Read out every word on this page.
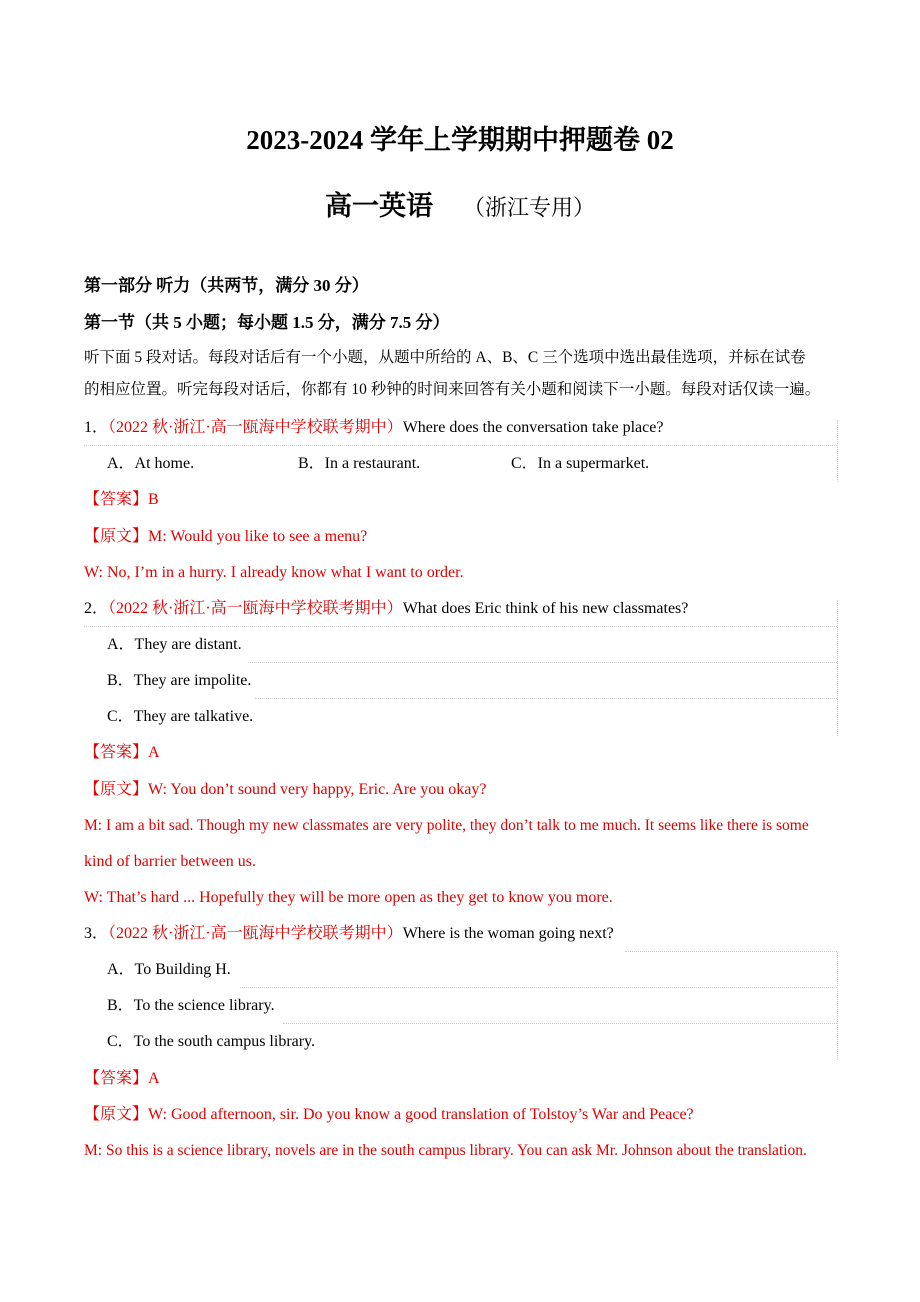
2023-2024 学年上学期期中押题卷 02
高一英语 （浙江专用）
第一部分 听力（共两节，满分 30 分）
第一节（共 5 小题；每小题 1.5 分，满分 7.5 分）
听下面 5 段对话。每段对话后有一个小题，从题中所给的 A、B、C 三个选项中选出最佳选项，并标在试卷
的相应位置。听完每段对话后，你都有 10 秒钟的时间来回答有关小题和阅读下一小题。每段对话仅读一遍。
1．（2022 秋·浙江·高一瓯海中学校联考期中）Where does the conversation take place?
A．At home.	B．In a restaurant.	C．In a supermarket.
【答案】B
【原文】M: Would you like to see a menu?
W: No, I’m in a hurry. I already know what I want to order.
2．（2022 秋·浙江·高一瓯海中学校联考期中）What does Eric think of his new classmates?
A．They are distant.
B．They are impolite.
C．They are talkative.
【答案】A
【原文】W: You don’t sound very happy, Eric. Are you okay?
M: I am a bit sad. Though my new classmates are very polite, they don’t talk to me much. It seems like there is some
kind of barrier between us.
W: That’s hard ... Hopefully they will be more open as they get to know you more.
3．（2022 秋·浙江·高一瓯海中学校联考期中）Where is the woman going next?
A．To Building H.
B．To the science library.
C．To the south campus library.
【答案】A
【原文】W: Good afternoon, sir. Do you know a good translation of Tolstoy’s War and Peace?
M: So this is a science library, novels are in the south campus library. You can ask Mr. Johnson about the translation.
